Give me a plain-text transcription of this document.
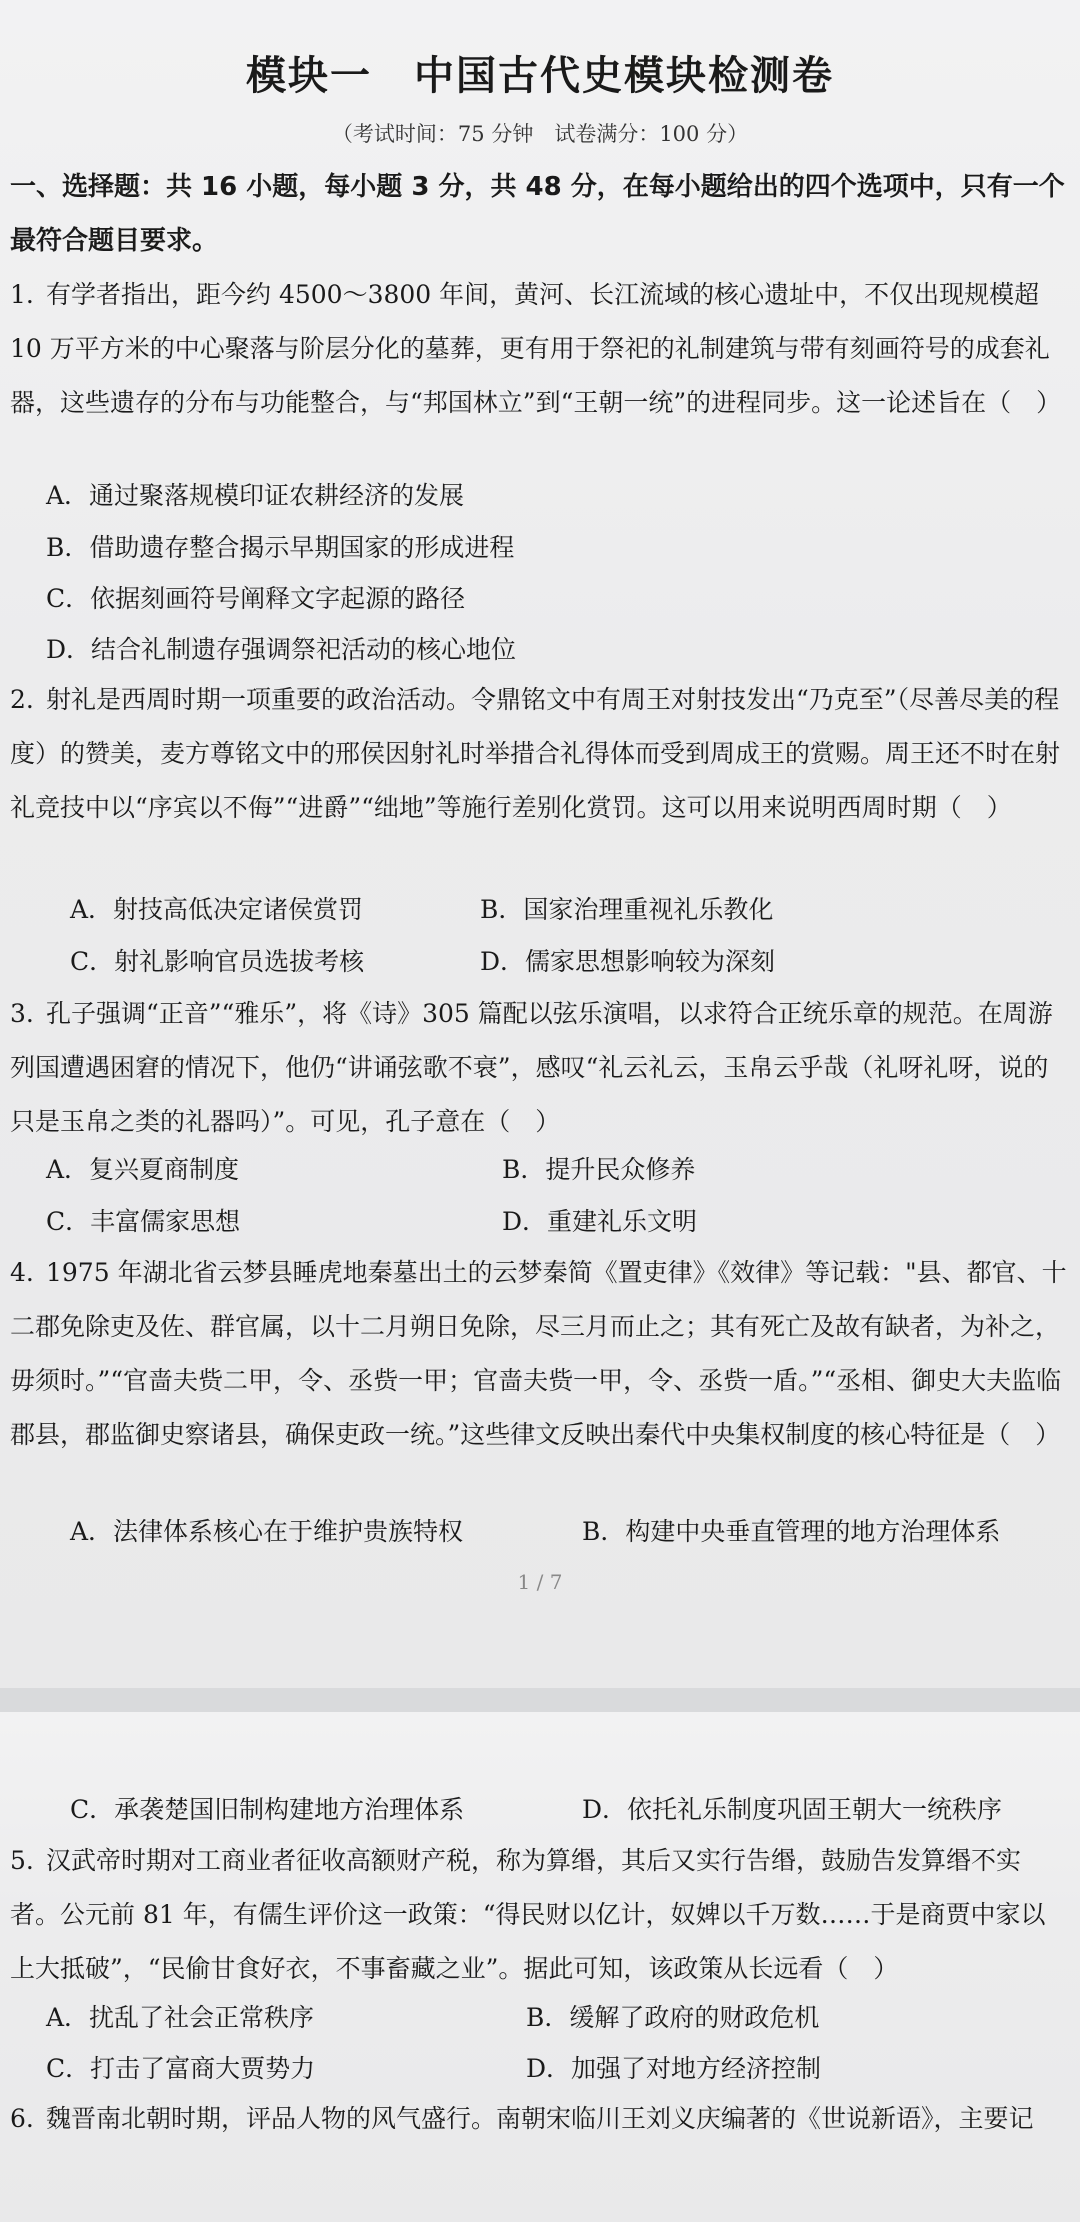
模块一　中国古代史模块检测卷
（考试时间：75 分钟　试卷满分：100 分）
一、选择题：共 16 小题，每小题 3 分，共 48 分，在每小题给出的四个选项中，只有一个最符合题目要求。
1. 有学者指出，距今约 4500～3800 年间，黄河、长江流域的核心遗址中，不仅出现规模超 10 万平方米的中心聚落与阶层分化的墓葬，更有用于祭祀的礼制建筑与带有刻画符号的成套礼器，这些遗存的分布与功能整合，与“邦国林立”到“王朝一统”的进程同步。这一论述旨在（　）
A．通过聚落规模印证农耕经济的发展
B．借助遗存整合揭示早期国家的形成进程
C．依据刻画符号阐释文字起源的路径
D．结合礼制遗存强调祭祀活动的核心地位
2. 射礼是西周时期一项重要的政治活动。令鼎铭文中有周王对射技发出“乃克至”（尽善尽美的程度）的赞美，麦方尊铭文中的邢侯因射礼时举措合礼得体而受到周成王的赏赐。周王还不时在射礼竞技中以“序宾以不侮”“进爵”“绌地”等施行差别化赏罚。这可以用来说明西周时期（　）
A．射技高低决定诸侯赏罚	B．国家治理重视礼乐教化
C．射礼影响官员选拔考核	D．儒家思想影响较为深刻
3. 孔子强调“正音”“雅乐”，将《诗》305 篇配以弦乐演唱，以求符合正统乐章的规范。在周游列国遭遇困窘的情况下，他仍“讲诵弦歌不衰”，感叹“礼云礼云，玉帛云乎哉（礼呀礼呀，说的只是玉帛之类的礼器吗）”。可见，孔子意在（　）
A．复兴夏商制度	B．提升民众修养
C．丰富儒家思想	D．重建礼乐文明
4. 1975 年湖北省云梦县睡虎地秦墓出土的云梦秦简《置吏律》《效律》等记载："县、都官、十二郡免除吏及佐、群官属，以十二月朔日免除，尽三月而止之；其有死亡及故有缺者，为补之，毋须时。”“官啬夫赀二甲，令、丞赀一甲；官啬夫赀一甲，令、丞赀一盾。”“丞相、御史大夫监临郡县，郡监御史察诸县，确保吏政一统。”这些律文反映出秦代中央集权制度的核心特征是（　）
A．法律体系核心在于维护贵族特权	B．构建中央垂直管理的地方治理体系
1 / 7
C．承袭楚国旧制构建地方治理体系	D．依托礼乐制度巩固王朝大一统秩序
5. 汉武帝时期对工商业者征收高额财产税，称为算缗，其后又实行告缗，鼓励告发算缗不实者。公元前 81 年，有儒生评价这一政策：“得民财以亿计，奴婢以千万数……于是商贾中家以上大抵破”，“民偷甘食好衣，不事畜藏之业”。据此可知，该政策从长远看（　）
A．扰乱了社会正常秩序	B．缓解了政府的财政危机
C．打击了富商大贾势力	D．加强了对地方经济控制
6. 魏晋南北朝时期，评品人物的风气盛行。南朝宋临川王刘义庆编著的《世说新语》，主要记
